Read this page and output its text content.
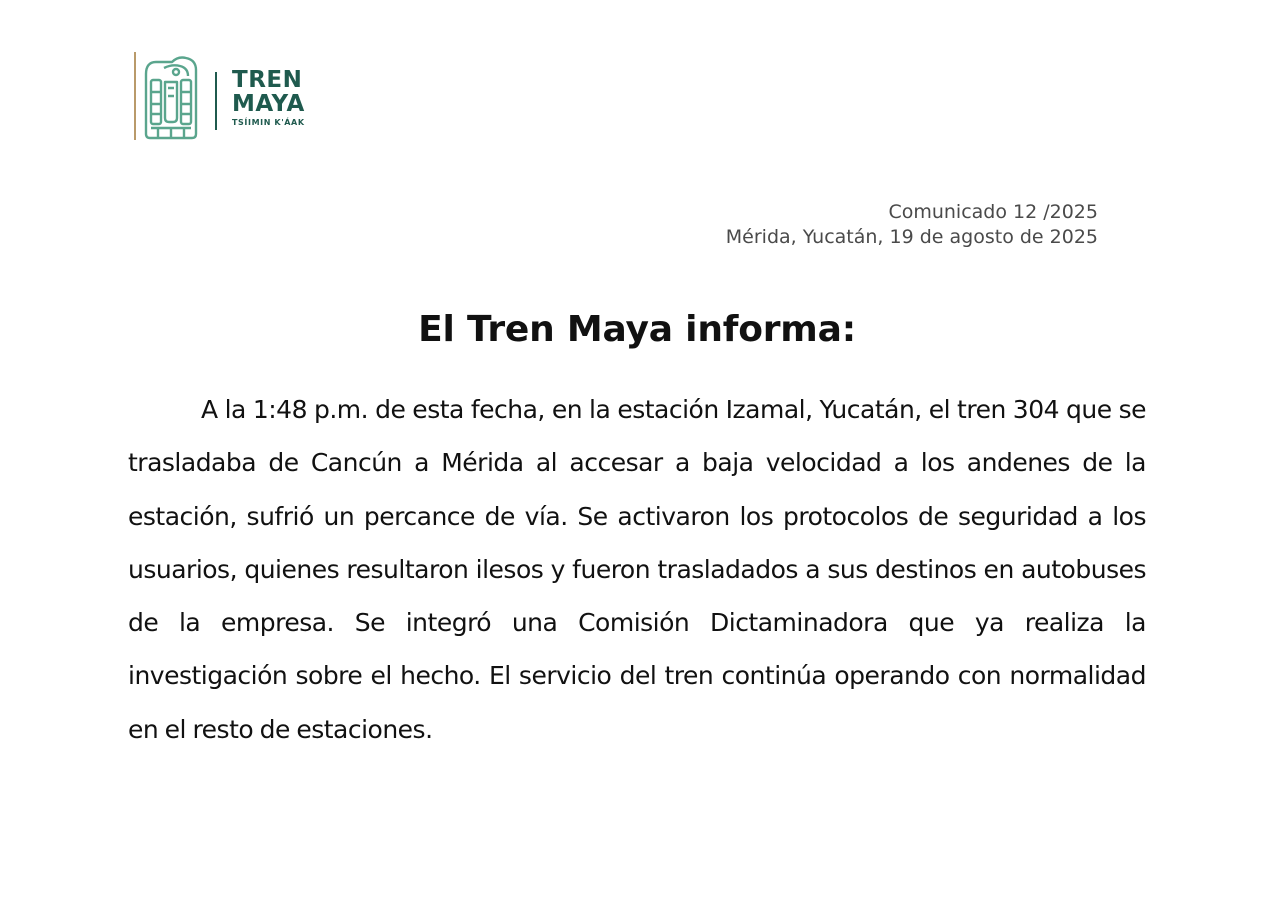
TREN
MAYA
TSÍIMIN K'ÁAK
Comunicado 12 /2025
Mérida, Yucatán, 19 de agosto de 2025
El Tren Maya informa:

A la 1:48 p.m. de esta fecha, en la estación Izamal, Yucatán, el tren 304 que se trasladaba de Cancún a Mérida al accesar a baja velocidad a los andenes de la estación, sufrió un percance de vía. Se activaron los protocolos de seguridad a los usuarios, quienes resultaron ilesos y fueron trasladados a sus destinos en autobuses de la empresa. Se integró una Comisión Dictaminadora que ya realiza la investigación sobre el hecho. El servicio del tren continúa operando con normalidad en el resto de estaciones.
